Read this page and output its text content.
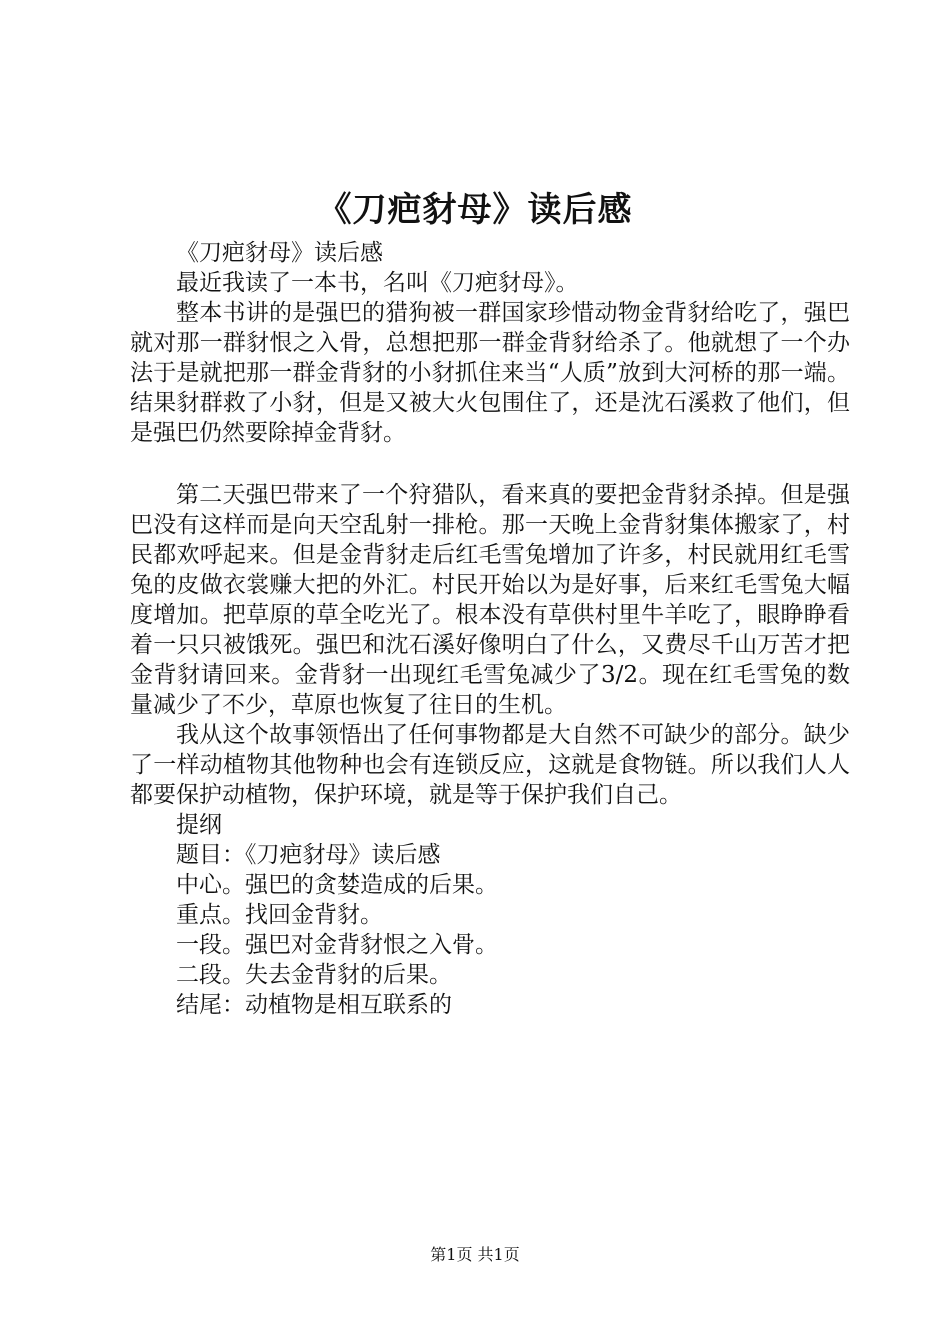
《刀疤豺母》读后感

《刀疤豺母》读后感

最近我读了一本书，名叫《刀疤豺母》。

整本书讲的是强巴的猎狗被一群国家珍惜动物金背豺给吃了，强巴就对那一群豺恨之入骨，总想把那一群金背豺给杀了。他就想了一个办法于是就把那一群金背豺的小豺抓住来当“人质”放到大河桥的那一端。结果豺群救了小豺，但是又被大火包围住了，还是沈石溪救了他们，但是强巴仍然要除掉金背豺。

第二天强巴带来了一个狩猎队，看来真的要把金背豺杀掉。但是强巴没有这样而是向天空乱射一排枪。那一天晚上金背豺集体搬家了，村民都欢呼起来。但是金背豺走后红毛雪兔增加了许多，村民就用红毛雪兔的皮做衣裳赚大把的外汇。村民开始以为是好事，后来红毛雪兔大幅度增加。把草原的草全吃光了。根本没有草供村里牛羊吃了，眼睁睁看着一只只被饿死。强巴和沈石溪好像明白了什么，又费尽千山万苦才把金背豺请回来。金背豺一出现红毛雪兔减少了3/2。现在红毛雪兔的数量减少了不少，草原也恢复了往日的生机。

我从这个故事领悟出了任何事物都是大自然不可缺少的部分。缺少了一样动植物其他物种也会有连锁反应，这就是食物链。所以我们人人都要保护动植物，保护环境，就是等于保护我们自己。

提纲

题目：《刀疤豺母》读后感

中心。强巴的贪婪造成的后果。

重点。找回金背豺。

一段。强巴对金背豺恨之入骨。

二段。失去金背豺的后果。

结尾：动植物是相互联系的

第1页 共1页
